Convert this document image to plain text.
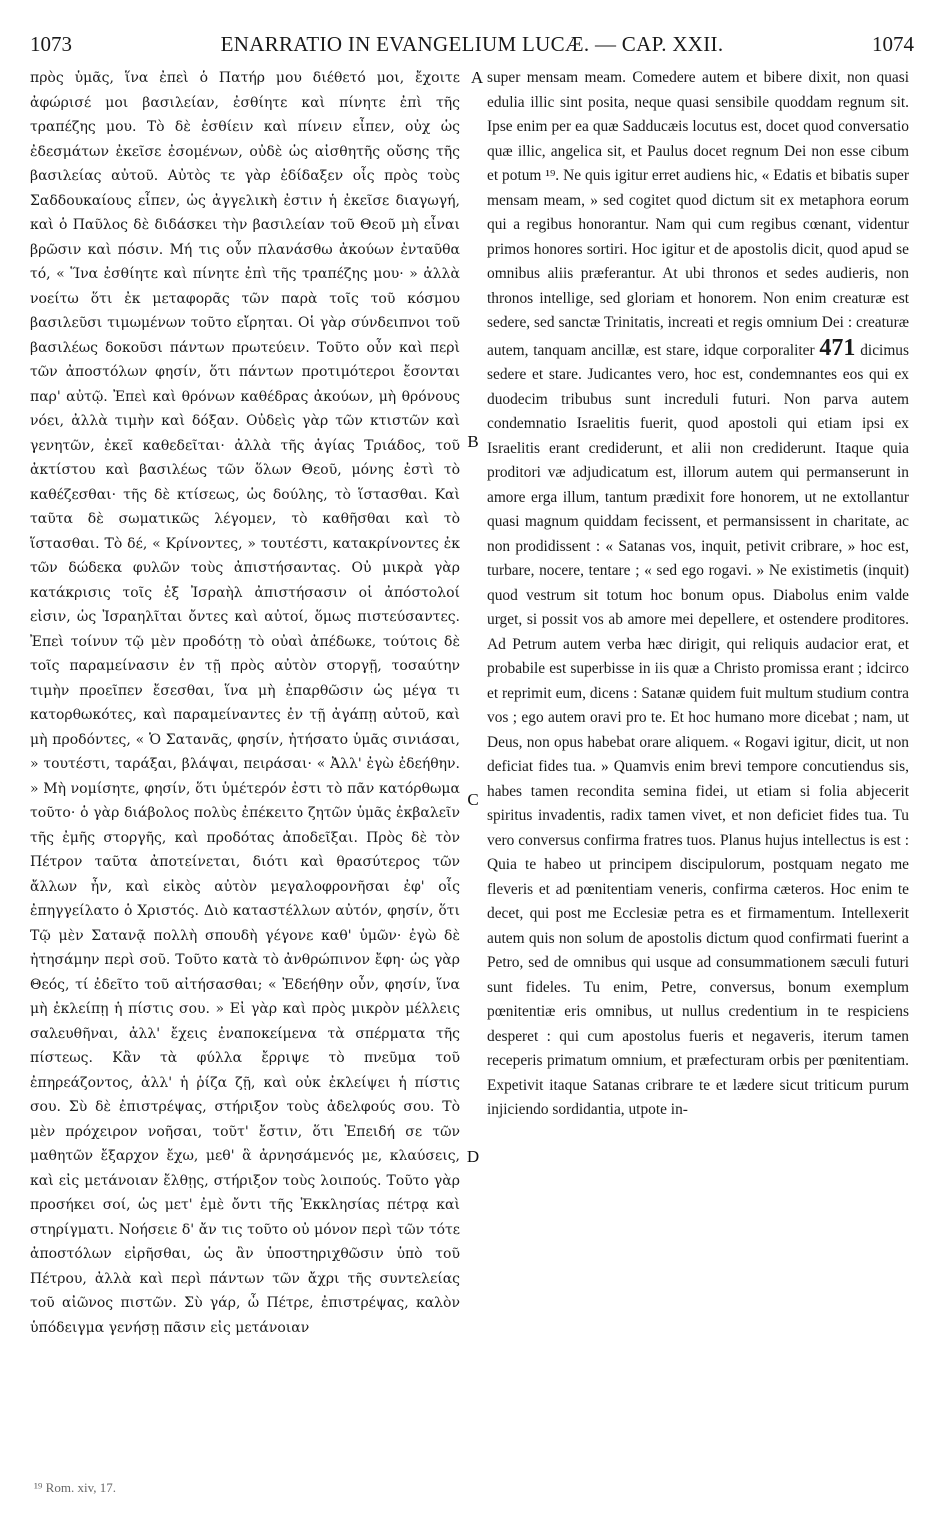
1073	ENARRATIO IN EVANGELIUM LUCÆ. — CAP. XXII.	1074

πρὸς ὑμᾶς, ἵνα ἐπεὶ ὁ Πατήρ μου διέθετό μοι, ἔχοιτε ἀφώρισέ μοι βασιλείαν, ἐσθίητε καὶ πίνητε ἐπὶ τῆς τραπέζης μου. Τὸ δὲ ἐσθίειν καὶ πίνειν εἶπεν, οὐχ ὡς ἐδεσμάτων ἐκεῖσε ἐσομένων, οὐδὲ ὡς αἰσθητῆς οὔσης τῆς βασιλείας αὐτοῦ. Αὐτὸς τε γὰρ ἐδίδαξεν οἷς πρὸς τοὺς Σαδδουκαίους εἶπεν, ὡς ἀγγελικὴ ἐστιν ἡ ἐκεῖσε διαγωγή, καὶ ὁ Παῦλος δὲ διδάσκει τὴν βασιλείαν τοῦ Θεοῦ μὴ εἶναι βρῶσιν καὶ πόσιν. Μή τις οὖν πλανάσθω ἀκούων ἐνταῦθα τό, « Ἵνα ἐσθίητε καὶ πίνητε ἐπὶ τῆς τραπέζης μου· » ἀλλὰ νοείτω ὅτι ἐκ μεταφορᾶς τῶν παρὰ τοῖς τοῦ κόσμου βασιλεῦσι τιμωμένων τοῦτο εἴρηται. Οἱ γὰρ σύνδειπνοι τοῦ βασιλέως δοκοῦσι πάντων πρωτεύειν. Τοῦτο οὖν καὶ περὶ τῶν ἀποστόλων φησίν, ὅτι πάντων προτιμότεροι ἔσονται παρ' αὐτῷ. Ἐπεὶ καὶ θρόνων καθέδρας ἀκούων, μὴ θρόνους νόει, ἀλλὰ τιμὴν καὶ δόξαν. Οὐδεὶς γὰρ τῶν κτιστῶν καὶ γενητῶν, ἐκεῖ καθεδεῖται· ἀλλὰ τῆς ἁγίας Τριάδος, τοῦ ἀκτίστου καὶ βασιλέως τῶν ὅλων Θεοῦ, μόνης ἐστὶ τὸ καθέζεσθαι· τῆς δὲ κτίσεως, ὡς δούλης, τὸ ἵστασθαι. Καὶ ταῦτα δὲ σωματικῶς λέγομεν, τὸ καθῆσθαι καὶ τὸ ἵστασθαι. Τὸ δέ, « Κρίνοντες, » τουτέστι, κατακρίνοντες ἐκ τῶν δώδεκα φυλῶν τοὺς ἀπιστήσαντας. Οὐ μικρὰ γὰρ κατάκρισις τοῖς ἐξ Ἰσραὴλ ἀπιστήσασιν οἱ ἀπόστολοί εἰσιν, ὡς Ἰσραηλῖται ὄντες καὶ αὐτοί, ὅμως πιστεύσαντες. Ἐπεὶ τοίνυν τῷ μὲν προδότῃ τὸ οὐαὶ ἀπέδωκε, τούτοις δὲ τοῖς παραμείνασιν ἐν τῇ πρὸς αὐτὸν στοργῇ, τοσαύτην τιμὴν προεῖπεν ἔσεσθαι, ἵνα μὴ ἐπαρθῶσιν ὡς μέγα τι κατορθωκότες, καὶ παραμείναντες ἐν τῇ ἀγάπῃ αὐτοῦ, καὶ μὴ προδόντες, « Ὁ Σατανᾶς, φησίν, ἠτήσατο ὑμᾶς σινιάσαι, » τουτέστι, ταράξαι, βλάψαι, πειράσαι· « Ἀλλ' ἐγὼ ἐδεήθην. » Μὴ νομίσητε, φησίν, ὅτι ὑμέτερόν ἐστι τὸ πᾶν κατόρθωμα τοῦτο· ὁ γὰρ διάβολος πολὺς ἐπέκειτο ζητῶν ὑμᾶς ἐκβαλεῖν τῆς ἐμῆς στοργῆς, καὶ προδότας ἀποδεῖξαι. Πρὸς δὲ τὸν Πέτρον ταῦτα ἀποτείνεται, διότι καὶ θρασύτερος τῶν ἄλλων ἦν, καὶ εἰκὸς αὐτὸν μεγαλοφρονῆσαι ἐφ' οἷς ἐπηγγείλατο ὁ Χριστός. Διὸ καταστέλλων αὐτόν, φησίν, ὅτι Τῷ μὲν Σατανᾷ πολλὴ σπουδὴ γέγονε καθ' ὑμῶν· ἐγὼ δὲ ἠτησάμην περὶ σοῦ. Τοῦτο κατὰ τὸ ἀνθρώπινον ἔφη· ὡς γὰρ Θεός, τί ἐδεῖτο τοῦ αἰτήσασθαι; « Ἐδεήθην οὖν, φησίν, ἵνα μὴ ἐκλείπῃ ἡ πίστις σου. » Εἰ γὰρ καὶ πρὸς μικρὸν μέλλεις σαλευθῆναι, ἀλλ' ἔχεις ἐναποκείμενα τὰ σπέρματα τῆς πίστεως. Κἂν τὰ φύλλα ἔρριψε τὸ πνεῦμα τοῦ ἐπηρεάζοντος, ἀλλ' ἡ ῥίζα ζῇ, καὶ οὐκ ἐκλείψει ἡ πίστις σου. Σὺ δὲ ἐπιστρέψας, στήριξον τοὺς ἀδελφούς σου. Τὸ μὲν πρόχειρον νοῆσαι, τοῦτ' ἔστιν, ὅτι Ἐπειδή σε τῶν μαθητῶν ἔξαρχον ἔχω, μεθ' ἃ ἀρνησάμενός με, κλαύσεις, καὶ εἰς μετάνοιαν ἔλθῃς, στήριξον τοὺς λοιπούς. Τοῦτο γὰρ προσήκει σοί, ὡς μετ' ἐμὲ ὄντι τῆς Ἐκκλησίας πέτρᾳ καὶ στηρίγματι. Νοήσειε δ' ἄν τις τοῦτο οὐ μόνον περὶ τῶν τότε ἀποστόλων εἰρῆσθαι, ὡς ἂν ὑποστηριχθῶσιν ὑπὸ τοῦ Πέτρου, ἀλλὰ καὶ περὶ πάντων τῶν ἄχρι τῆς συντελείας τοῦ αἰῶνος πιστῶν. Σὺ γάρ, ὦ Πέτρε, ἐπιστρέψας, καλὸν ὑπόδειγμα γενήσῃ πᾶσιν εἰς μετάνοιαν

A
B
C
D

super mensam meam. Comedere autem et bibere dixit, non quasi edulia illic sint posita, neque quasi sensibile quoddam regnum sit. Ipse enim per ea quæ Sadducæis locutus est, docet quod conversatio quæ illic, angelica sit, et Paulus docet regnum Dei non esse cibum et potum ¹⁹. Ne quis igitur erret audiens hic, « Edatis et bibatis super mensam meam, » sed cogitet quod dictum sit ex metaphora eorum qui a regibus honorantur. Nam qui cum regibus cœnant, videntur primos honores sortiri. Hoc igitur et de apostolis dicit, quod apud se omnibus aliis præferantur. At ubi thronos et sedes audieris, non thronos intellige, sed gloriam et honorem. Non enim creaturæ est sedere, sed sanctæ Trinitatis, increati et regis omnium Dei : creaturæ autem, tanquam ancillæ, est stare, idque corporaliter 471 dicimus sedere et stare. Judicantes vero, hoc est, condemnantes eos qui ex duodecim tribubus sunt increduli futuri. Non parva autem condemnatio Israelitis fuerit, quod apostoli qui etiam ipsi ex Israelitis erant crediderunt, et alii non crediderunt. Itaque quia proditori væ adjudicatum est, illorum autem qui permanserunt in amore erga illum, tantum prædixit fore honorem, ut ne extollantur quasi magnum quiddam fecissent, et permansissent in charitate, ac non prodidissent : « Satanas vos, inquit, petivit cribrare, » hoc est, turbare, nocere, tentare ; « sed ego rogavi. » Ne existimetis (inquit) quod vestrum sit totum hoc bonum opus. Diabolus enim valde urget, si possit vos ab amore mei depellere, et ostendere proditores. Ad Petrum autem verba hæc dirigit, qui reliquis audacior erat, et probabile est superbisse in iis quæ a Christo promissa erant ; idcirco et reprimit eum, dicens : Satanæ quidem fuit multum studium contra vos ; ego autem oravi pro te. Et hoc humano more dicebat ; nam, ut Deus, non opus habebat orare aliquem. « Rogavi igitur, dicit, ut non deficiat fides tua. » Quamvis enim brevi tempore concutiendus sis, habes tamen recondita semina fidei, ut etiam si folia abjecerit spiritus invadentis, radix tamen vivet, et non deficiet fides tua. Tu vero conversus confirma fratres tuos. Planus hujus intellectus is est : Quia te habeo ut principem discipulorum, postquam negato me fleveris et ad pœnitentiam veneris, confirma cæteros. Hoc enim te decet, qui post me Ecclesiæ petra es et firmamentum. Intellexerit autem quis non solum de apostolis dictum quod confirmati fuerint a Petro, sed de omnibus qui usque ad consummationem sæculi futuri sunt fideles. Tu enim, Petre, conversus, bonum exemplum pœnitentiæ eris omnibus, ut nullus credentium in te respiciens desperet : qui cum apostolus fueris et negaveris, iterum tamen receperis primatum omnium, et præfecturam orbis per pœnitentiam. Expetivit itaque Satanas cribrare te et lædere sicut triticum purum injiciendo sordidantia, utpote in-

¹⁹ Rom. xiv, 17.
